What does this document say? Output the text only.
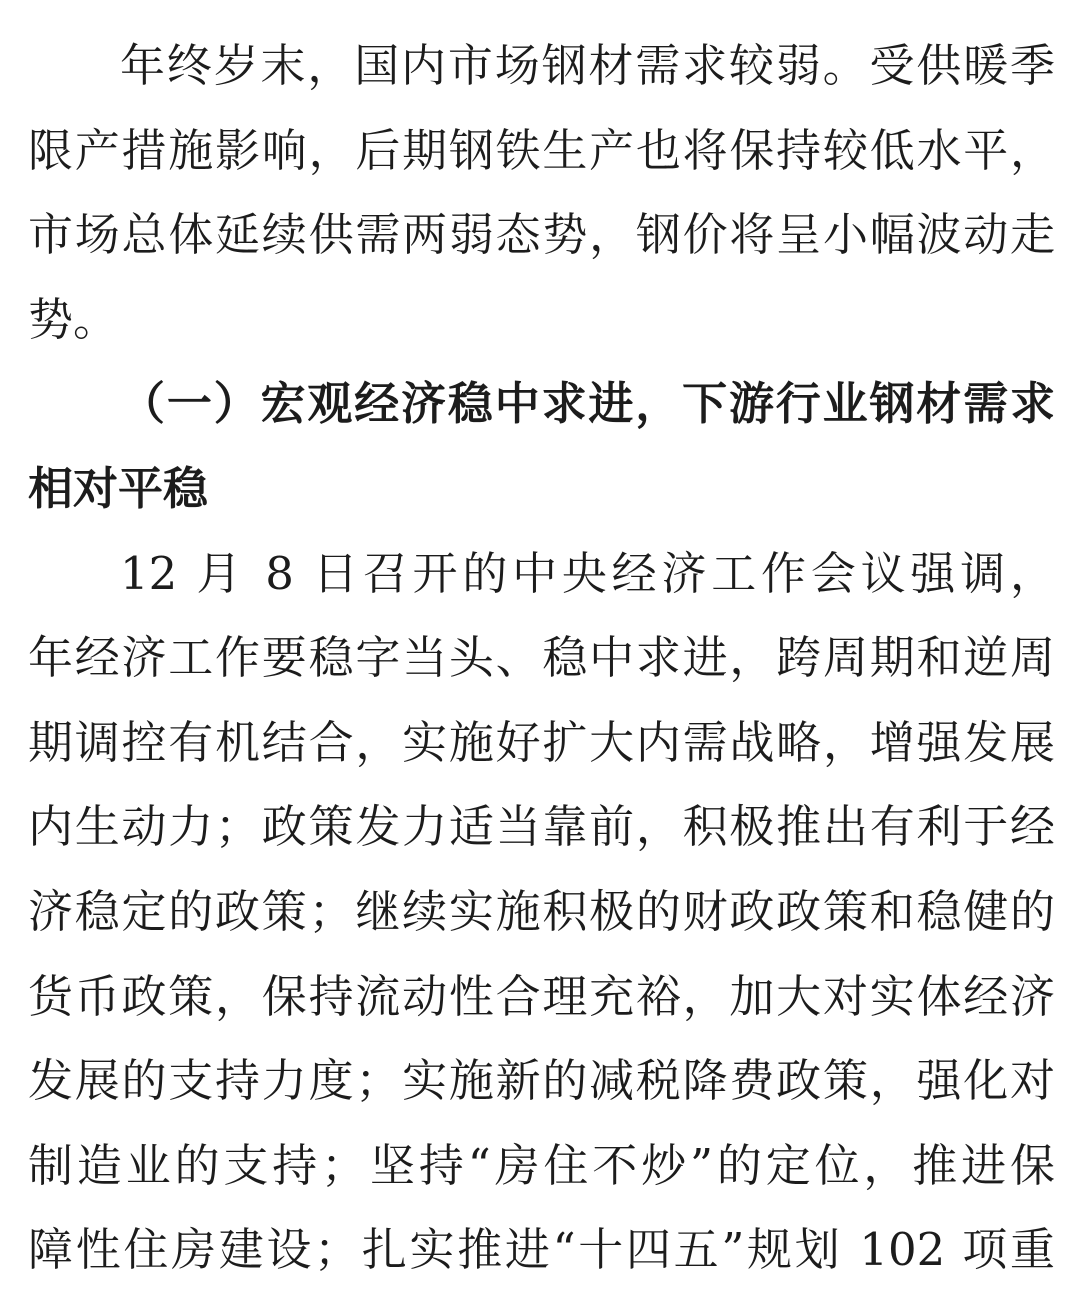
年终岁末，国内市场钢材需求较弱。受供暖季
限产措施影响，后期钢铁生产也将保持较低水平，
市场总体延续供需两弱态势，钢价将呈小幅波动走
势。
（一）宏观经济稳中求进，下游行业钢材需求
相对平稳
12 月 8 日召开的中央经济工作会议强调，
年经济工作要稳字当头、稳中求进，跨周期和逆周
期调控有机结合，实施好扩大内需战略，增强发展
内生动力；政策发力适当靠前，积极推出有利于经
济稳定的政策；继续实施积极的财政政策和稳健的
货币政策，保持流动性合理充裕，加大对实体经济
发展的支持力度；实施新的减税降费政策，强化对
制造业的支持；坚持“房住不炒”的定位，推进保
障性住房建设；扎实推进“十四五”规划 102 项重
